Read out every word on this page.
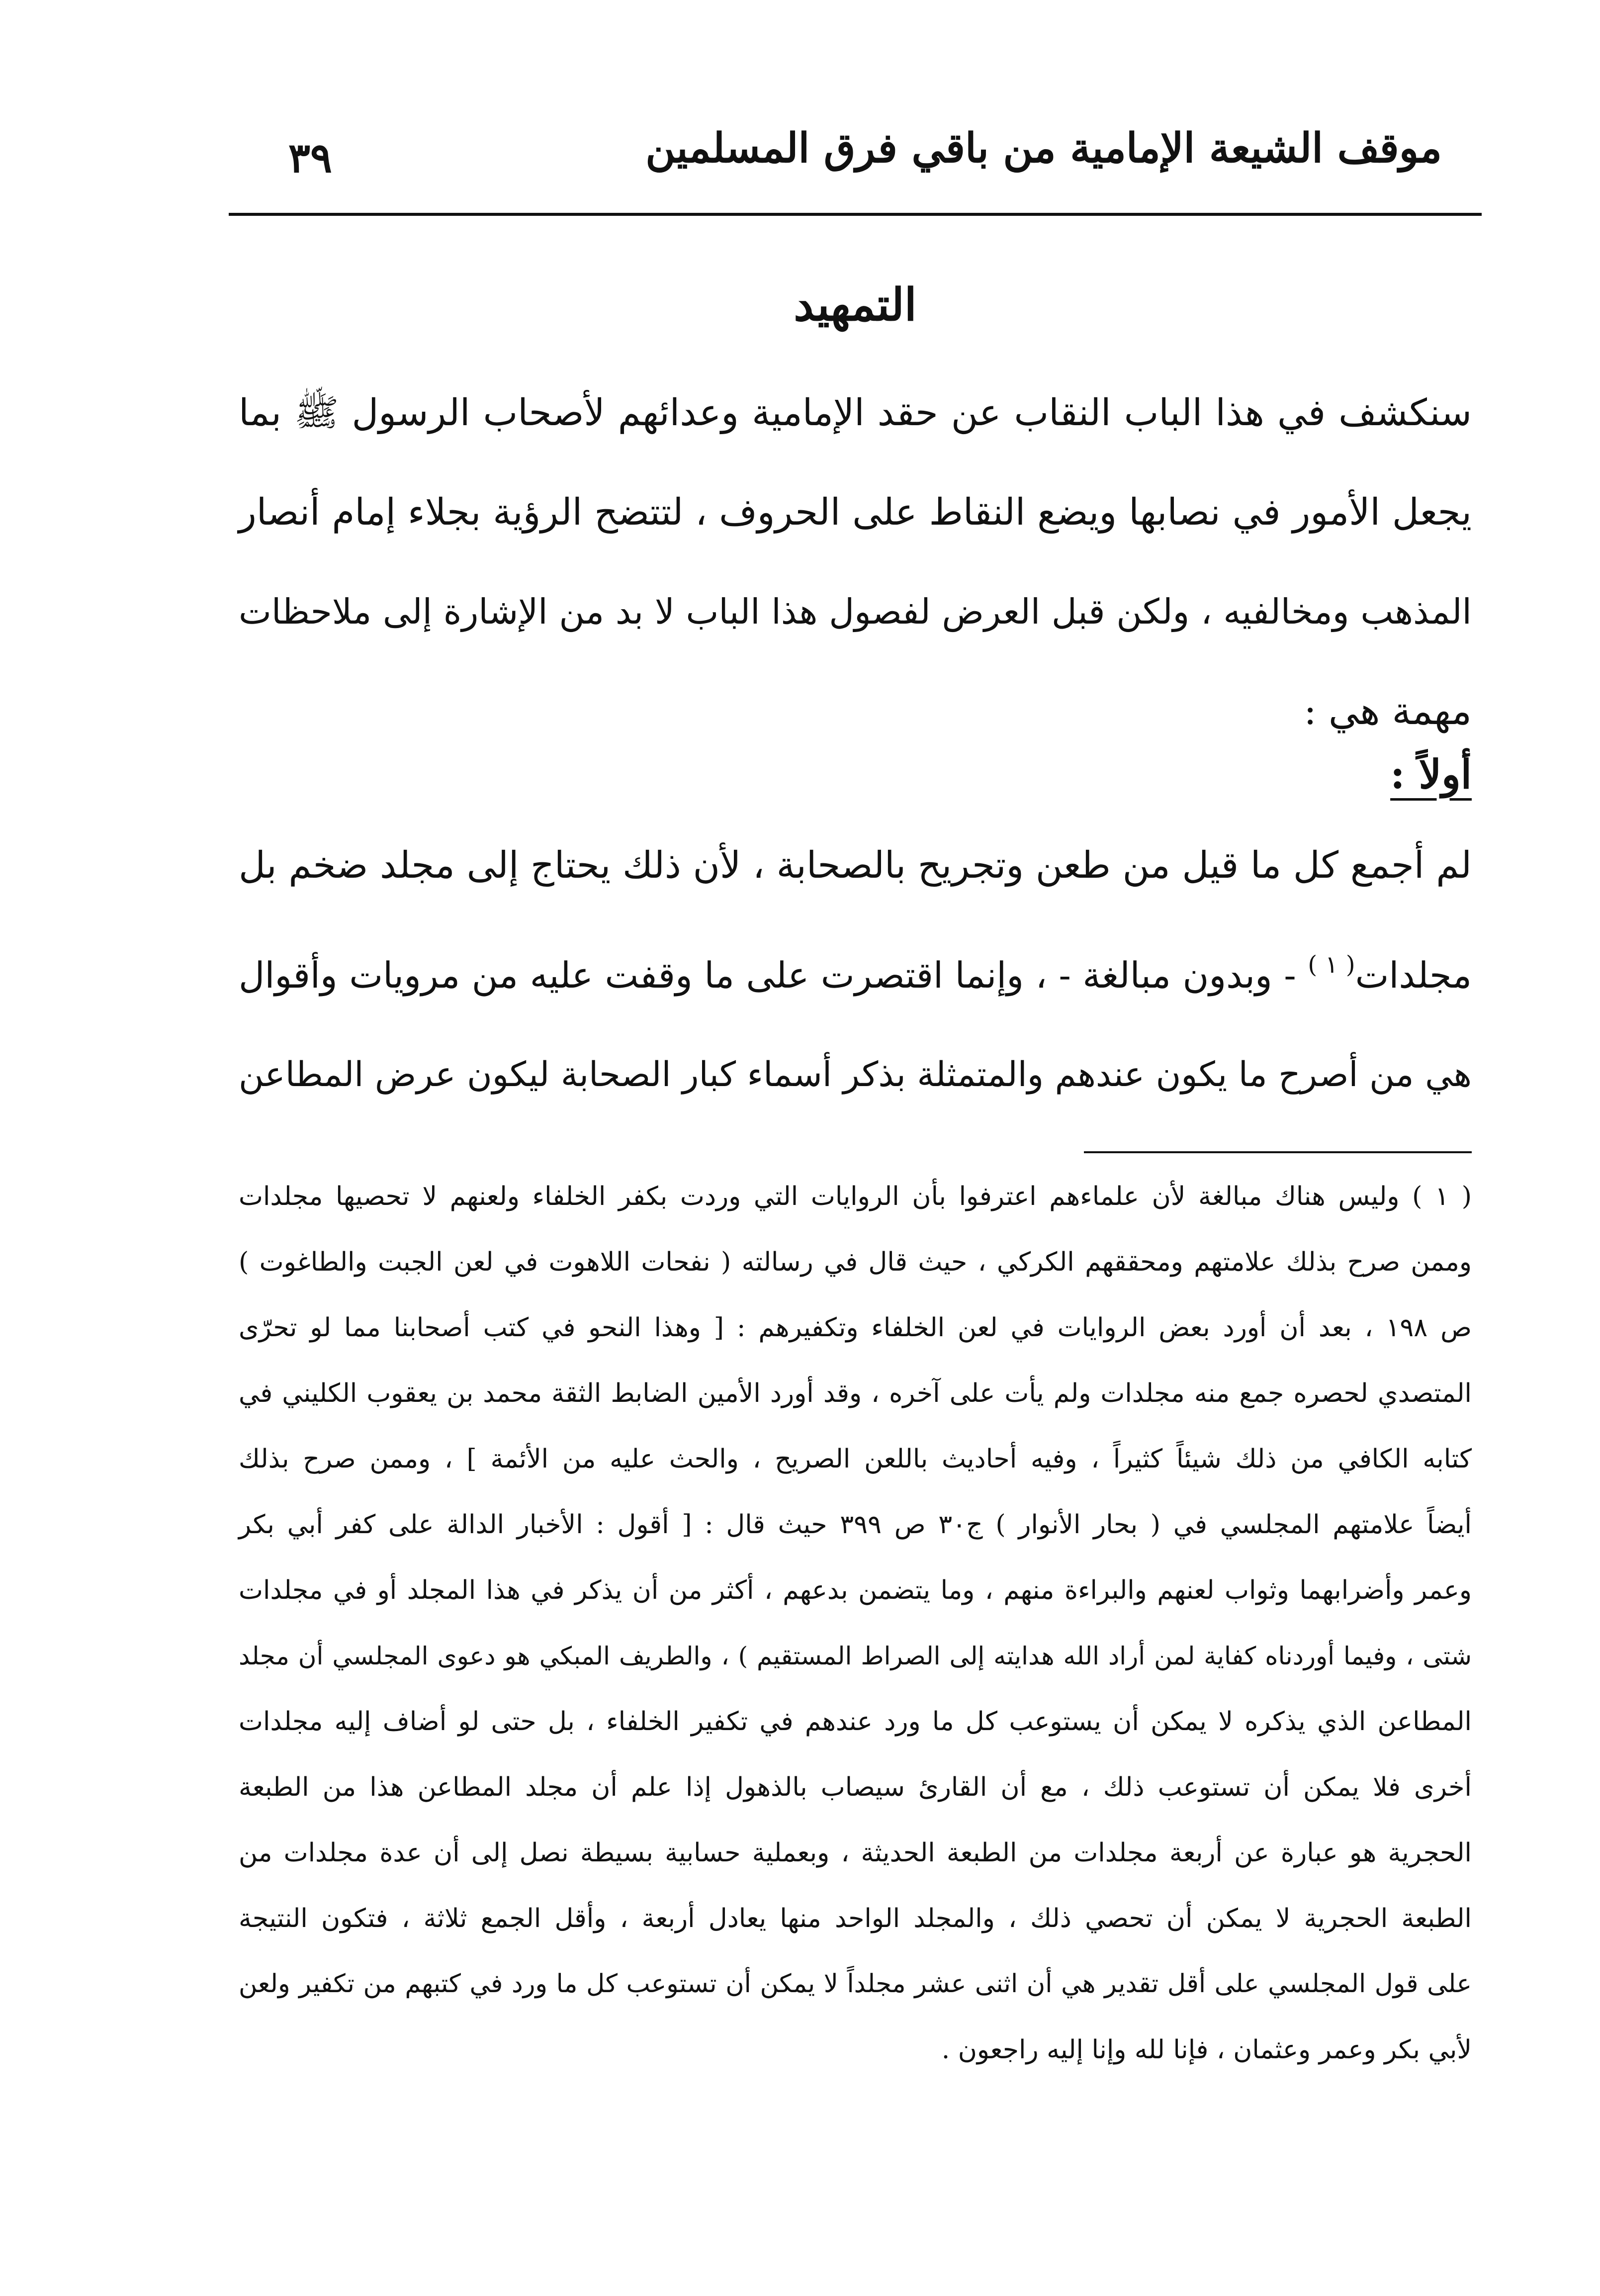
موقف الشيعة الإمامية من باقي فرق المسلمين
٣٩
التمهيد
سنكشف في هذا الباب النقاب عن حقد الإمامية وعدائهم لأصحاب الرسول ﷺ بما
يجعل الأمور في نصابها ويضع النقاط على الحروف ، لتتضح الرؤية بجلاء إمام أنصار
المذهب ومخالفيه ، ولكن قبل العرض لفصول هذا الباب لا بد من الإشارة إلى ملاحظات
مهمة هي :
أولاً :
لم أجمع كل ما قيل من طعن وتجريح بالصحابة ، لأن ذلك يحتاج إلى مجلد ضخم بل
مجلدات$^{( ١ )}$ - وبدون مبالغة - ، وإنما اقتصرت على ما وقفت عليه من مرويات وأقوال
هي من أصرح ما يكون عندهم والمتمثلة بذكر أسماء كبار الصحابة ليكون عرض المطاعن
( ١ ) وليس هناك مبالغة لأن علماءهم اعترفوا بأن الروايات التي وردت بكفر الخلفاء ولعنهم لا تحصيها مجلدات
وممن صرح بذلك علامتهم ومحققهم الكركي ، حيث قال في رسالته ( نفحات اللاهوت في لعن الجبت والطاغوت )
ص ١٩٨ ، بعد أن أورد بعض الروايات في لعن الخلفاء وتكفيرهم : [ وهذا النحو في كتب أصحابنا مما لو تحرّى
المتصدي لحصره جمع منه مجلدات ولم يأت على آخره ، وقد أورد الأمين الضابط الثقة محمد بن يعقوب الكليني في
كتابه الكافي من ذلك شيئاً كثيراً ، وفيه أحاديث باللعن الصريح ، والحث عليه من الأئمة ] ، وممن صرح بذلك
أيضاً علامتهم المجلسي في ( بحار الأنوار ) ج٣٠ ص ٣٩٩ حيث قال : [ أقول : الأخبار الدالة على كفر أبي بكر
وعمر وأضرابهما وثواب لعنهم والبراءة منهم ، وما يتضمن بدعهم ، أكثر من أن يذكر في هذا المجلد أو في مجلدات
شتى ، وفيما أوردناه كفاية لمن أراد الله هدايته إلى الصراط المستقيم ) ، والطريف المبكي هو دعوى المجلسي أن مجلد
المطاعن الذي يذكره لا يمكن أن يستوعب كل ما ورد عندهم في تكفير الخلفاء ، بل حتى لو أضاف إليه مجلدات
أخرى فلا يمكن أن تستوعب ذلك ، مع أن القارئ سيصاب بالذهول إذا علم أن مجلد المطاعن هذا من الطبعة
الحجرية هو عبارة عن أربعة مجلدات من الطبعة الحديثة ، وبعملية حسابية بسيطة نصل إلى أن عدة مجلدات من
الطبعة الحجرية لا يمكن أن تحصي ذلك ، والمجلد الواحد منها يعادل أربعة ، وأقل الجمع ثلاثة ، فتكون النتيجة
على قول المجلسي على أقل تقدير هي أن اثنى عشر مجلداً لا يمكن أن تستوعب كل ما ورد في كتبهم من تكفير ولعن
لأبي بكر وعمر وعثمان ، فإنا لله وإنا إليه راجعون .
